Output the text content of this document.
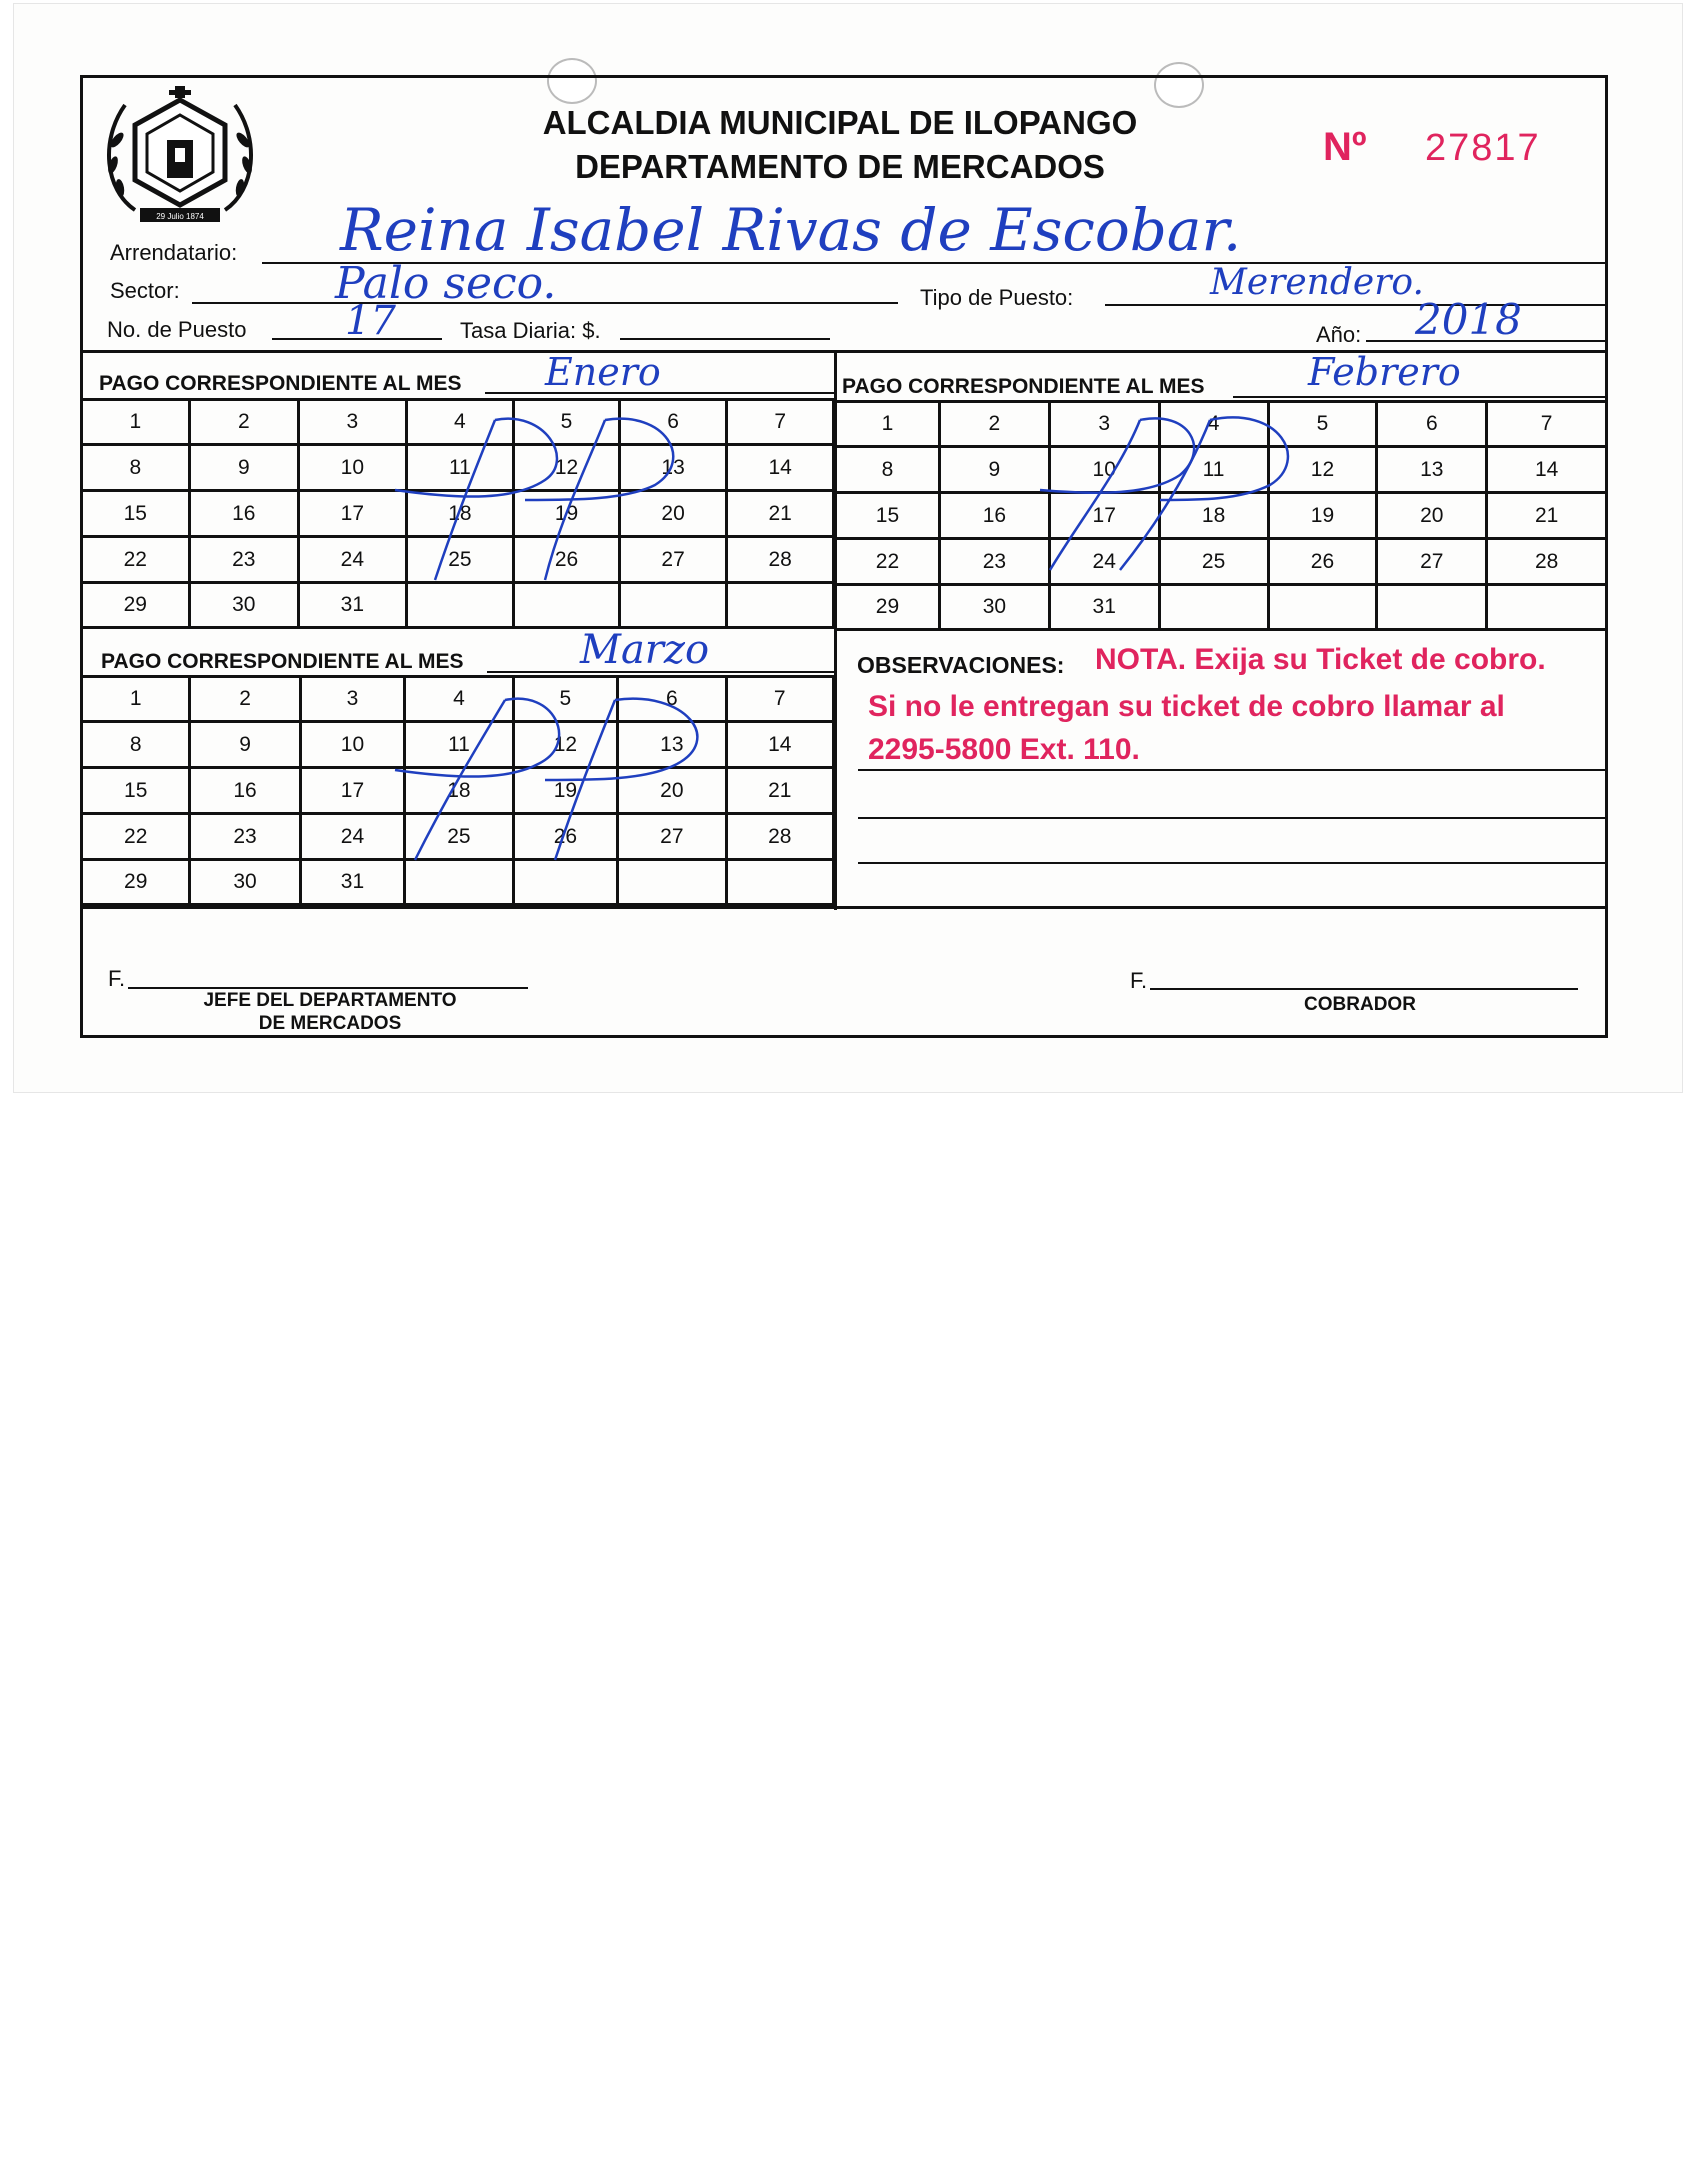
29 Julio 1874
ALCALDIA MUNICIPAL DE ILOPANGO
DEPARTAMENTO DE MERCADOS	Nº 27817
Arrendatario: Reina Isabel Rivas de Escobar.
Sector:	Palo seco.	Tipo de Puesto:	Merendero.
No. de Puesto 17	Tasa Diaria: $.	Año: 2018
PAGO CORRESPONDIENTE AL MES Enero
1	2	3	4	5	6	7
8	9	10	11	12	13	14
15	16	17	18	19	20	21
22	23	24	25	26	27	28
29	30	31				
PAGO CORRESPONDIENTE AL MES	Febrero
1	2	3	4	5	6	7
8	9	10	11	12	13	14
15	16	17	18	19	20	21
22	23	24	25	26	27	28
29	30	31				
PAGO CORRESPONDIENTE AL MES	Marzo
1	2	3	4	5	6	7
8	9	10	11	12	13	14
15	16	17	18	19	20	21
22	23	24	25	26	27	28
29	30	31				
OBSERVACIONES: NOTA. Exija su Ticket de cobro.
Si no le entregan su ticket de cobro llamar al
2295-5800 Ext. 110.
F.
JEFE DEL DEPARTAMENTO
DE MERCADOS
F.
COBRADOR
